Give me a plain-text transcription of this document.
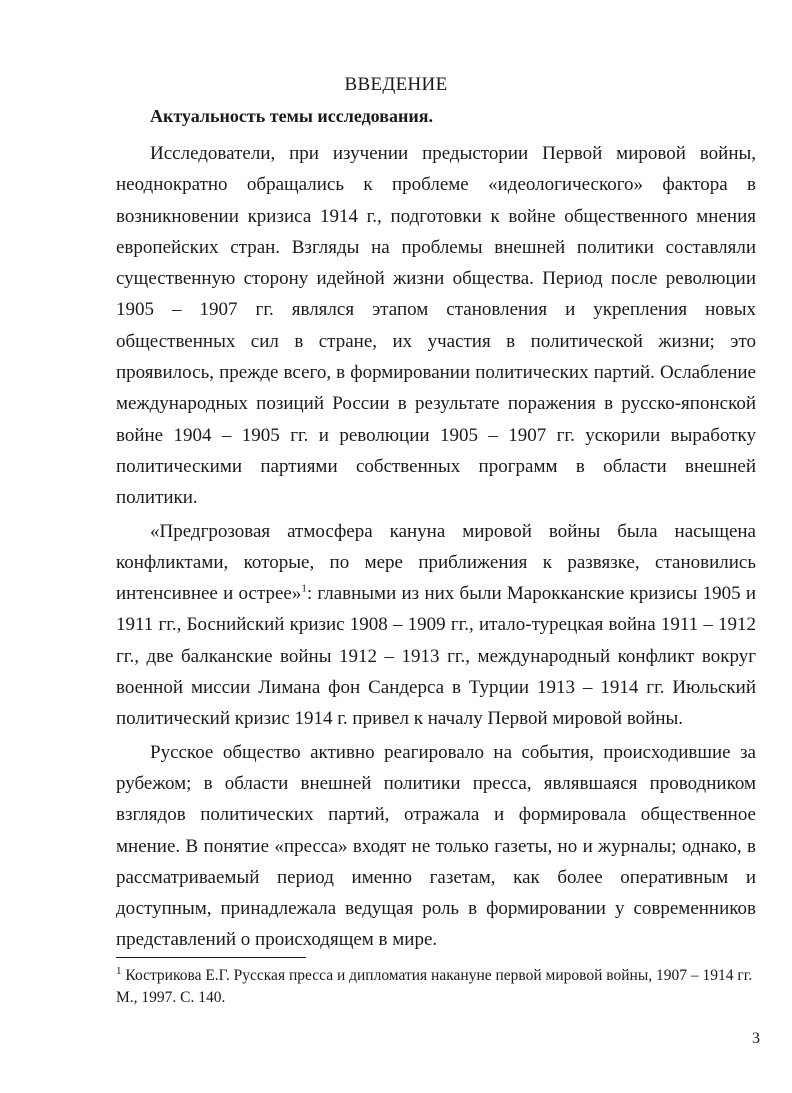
ВВЕДЕНИЕ
Актуальность темы исследования.

Исследователи, при изучении предыстории Первой мировой войны, неоднократно обращались к проблеме «идеологического» фактора в возникновении кризиса 1914 г., подготовки к войне общественного мнения европейских стран. Взгляды на проблемы внешней политики составляли существенную сторону идейной жизни общества. Период после революции 1905 – 1907 гг. являлся этапом становления и укрепления новых общественных сил в стране, их участия в политической жизни; это проявилось, прежде всего, в формировании политических партий. Ослабление международных позиций России в результате поражения в русско-японской войне 1904 – 1905 гг. и революции 1905 – 1907 гг. ускорили выработку политическими партиями собственных программ в области внешней политики.

«Предгрозовая атмосфера кануна мировой войны была насыщена конфликтами, которые, по мере приближения к развязке, становились интенсивнее и острее»$^1$: главными из них были Марокканские кризисы 1905 и 1911 гг., Боснийский кризис 1908 – 1909 гг., итало-турецкая война 1911 – 1912 гг., две балканские войны 1912 – 1913 гг., международный конфликт вокруг военной миссии Лимана фон Сандерса в Турции 1913 – 1914 гг. Июльский политический кризис 1914 г. привел к началу Первой мировой войны.

Русское общество активно реагировало на события, происходившие за рубежом; в области внешней политики пресса, являвшаяся проводником взглядов политических партий, отражала и формировала общественное мнение. В понятие «пресса» входят не только газеты, но и журналы; однако, в рассматриваемый период именно газетам, как более оперативным и доступным, принадлежала ведущая роль в формировании у современников представлений о происходящем в мире.

$^1$ Кострикова Е.Г. Русская пресса и дипломатия накануне первой мировой войны, 1907 – 1914 гг. М., 1997. С. 140.

3
